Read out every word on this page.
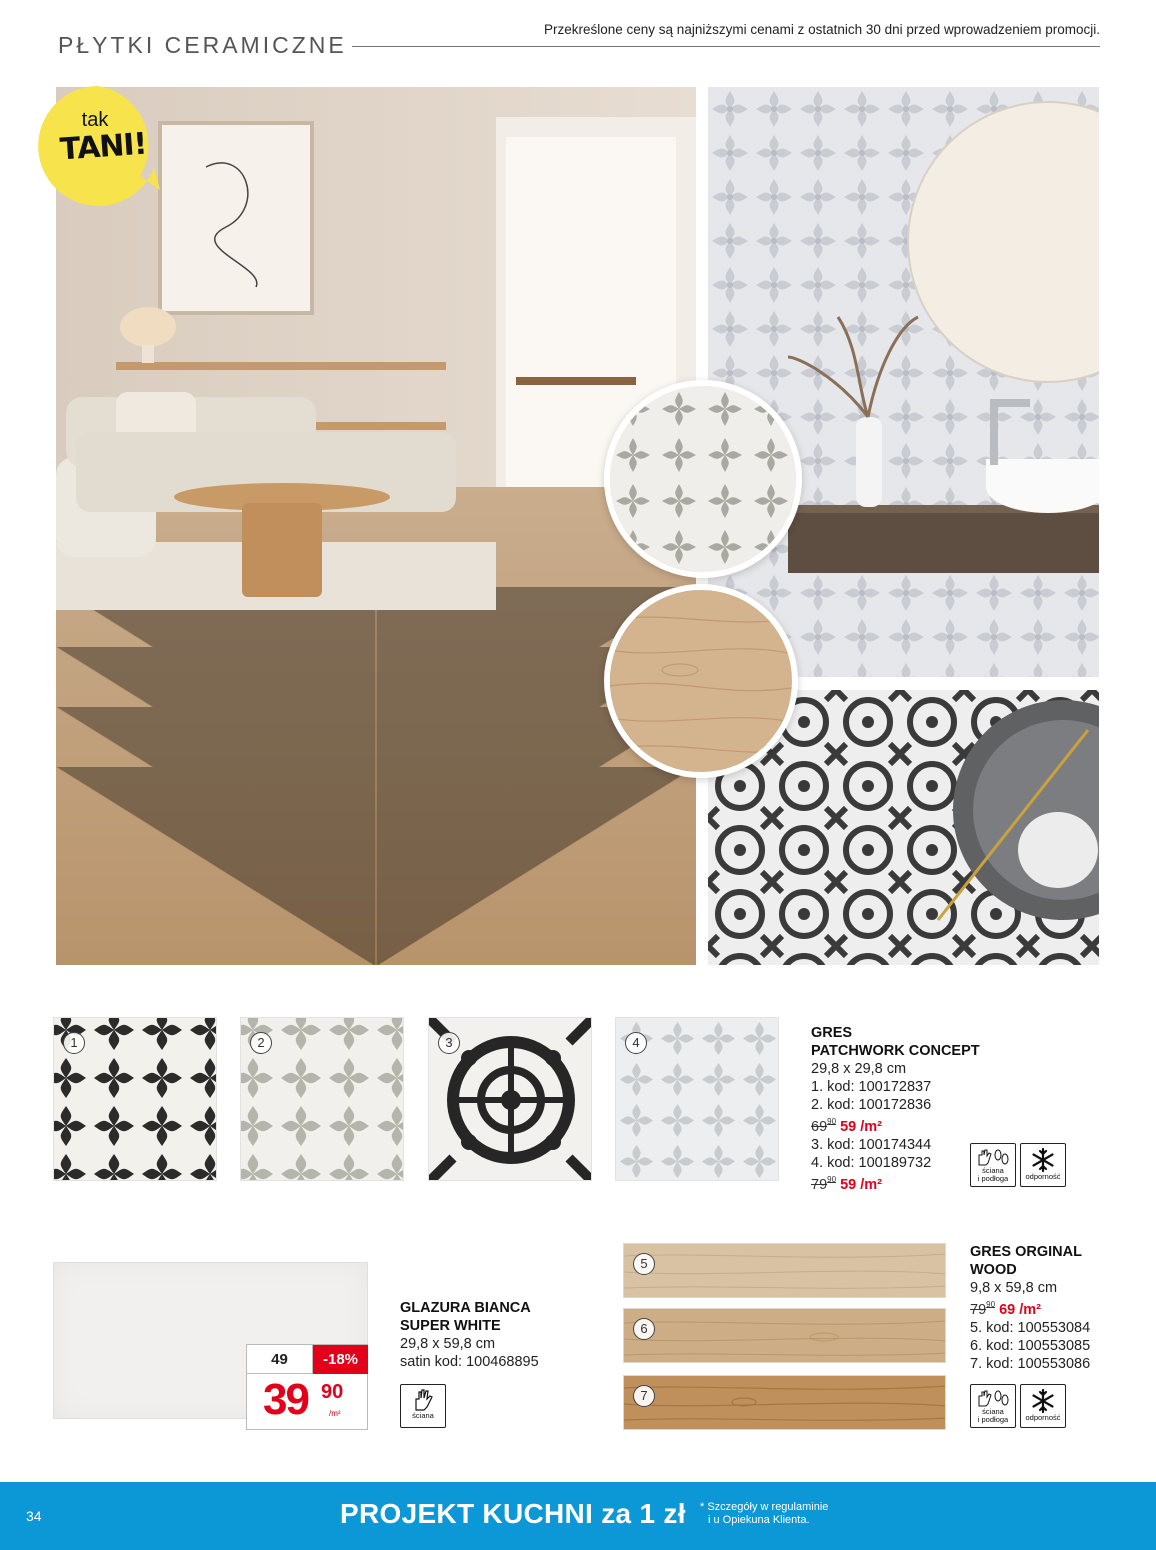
PŁYTKI CERAMICZNE
Przekreślone ceny są najniższymi cenami z ostatnich 30 dni przed wprowadzeniem promocji.
tak
TANI!
1	2	3	4
GRES
PATCHWORK CONCEPT
29,8 x 29,8 cm
1. kod: 100172837
2. kod: 100172836
$69^{90}$ 59 /m²
3. kod: 100174344
4. kod: 100189732
$79^{90}$ 59 /m²
ściana
i podłoga	odporność
49	-18%
39 90
/m²
GLAZURA BIANCA
SUPER WHITE
29,8 x 59,8 cm
satin kod: 100468895
ściana
5
6
7
GRES ORGINAL
WOOD
9,8 x 59,8 cm
$79^{90}$ 69 /m²
5. kod: 100553084
6. kod: 100553085
7. kod: 100553086
ściana
i podłoga	odporność
34	PROJEKT KUCHNI za 1 zł * Szczegóły w regulaminie
i u Opiekuna Klienta.
